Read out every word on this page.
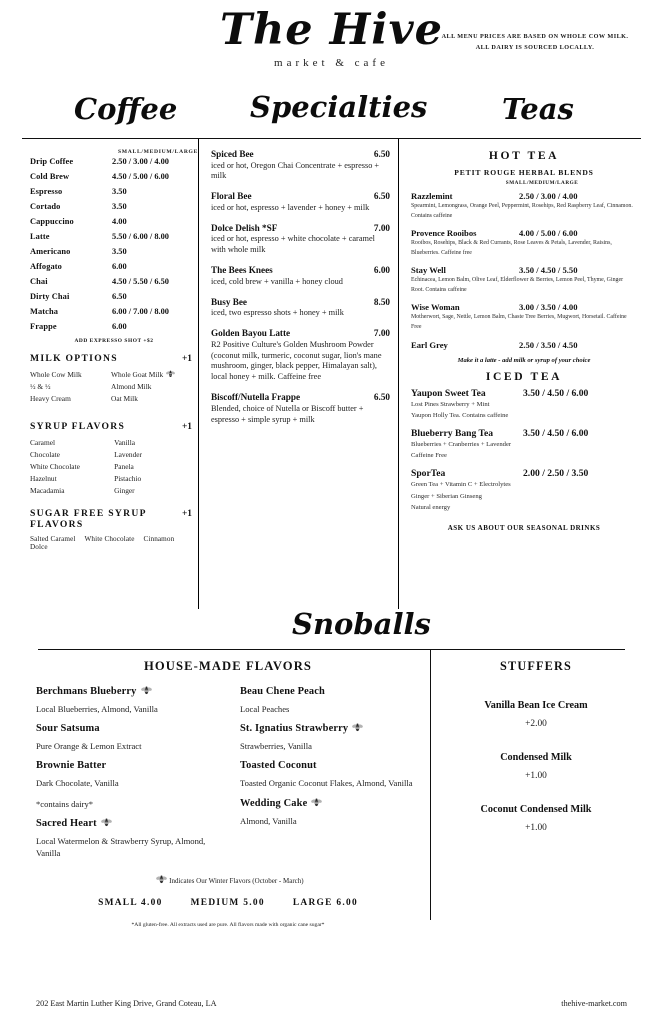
The Hive
market & cafe
ALL MENU PRICES ARE BASED ON WHOLE COW MILK. ALL DAIRY IS SOURCED LOCALLY.
Coffee	Specialties	Teas
SMALL/MEDIUM/LARGE
Drip Coffee	2.50 / 3.00 / 4.00
Cold Brew	4.50 / 5.00 / 6.00
Espresso	3.50
Cortado	3.50
Cappuccino	4.00
Latte	5.50 / 6.00 / 8.00
Americano	3.50
Affogato	6.00
Chai	4.50 / 5.50 / 6.50
Dirty Chai	6.50
Matcha	6.00 / 7.00 / 8.00
Frappe	6.00
ADD EXPRESSO SHOT +$2
MILK OPTIONS	+1
Whole Cow Milk
½ & ½
Heavy Cream
Whole Goat Milk
Almond Milk
Oat Milk
SYRUP FLAVORS	+1
Caramel
Chocolate
White Chocolate
Hazelnut
Macadamia
Vanilla
Lavender
Panela
Pistachio
Ginger
SUGAR FREE SYRUP FLAVORS
+1
Salted Caramel White Chocolate Cinnamon Dolce
Spiced Bee	6.50
iced or hot, Oregon Chai Concentrate + espresso + milk
Floral Bee	6.50
iced or hot, espresso + lavender + honey + milk
Dolce Delish *SF	7.00
iced or hot, espresso + white chocolate + caramel with whole milk
The Bees Knees	6.00
iced, cold brew + vanilla + honey cloud
Busy Bee	8.50
iced, two espresso shots + honey + milk
Golden Bayou Latte	7.00
R2 Positive Culture's Golden Mushroom Powder (coconut milk, turmeric, coconut sugar, lion's mane mushroom, ginger, black pepper, Himalayan salt), local honey + milk. Caffeine free
Biscoff/Nutella Frappe	6.50
Blended, choice of Nutella or Biscoff butter + espresso + simple syrup + milk
HOT TEA
PETIT ROUGE HERBAL BLENDS
SMALL/MEDIUM/LARGE
Razzlemint	2.50 / 3.00 / 4.00
Spearmint, Lemongrass, Orange Peel, Peppermint, Rosehips, Red Raspberry Leaf, Cinnamon. Contains caffeine
Provence Rooibos	4.00 / 5.00 / 6.00
Rooibos, Rosehips, Black & Red Currants, Rose Leaves & Petals, Lavender, Raisins, Blueberries. Caffeine free
Stay Well	3.50 / 4.50 / 5.50
Echinacea, Lemon Balm, Olive Leaf, Elderflower & Berries, Lemon Peel, Thyme, Ginger Root. Contains caffeine
Wise Woman	3.00 / 3.50 / 4.00
Motherwort, Sage, Nettle, Lemon Balm, Chaste Tree Berries, Mugwort, Horsetail. Caffeine Free
Earl Grey	2.50 / 3.50 / 4.50
Make it a latte - add milk or syrup of your choice
ICED TEA
Yaupon Sweet Tea	3.50 / 4.50 / 6.00
Lost Pines Strawberry + Mint
Yaupon Holly Tea. Contains caffeine
Blueberry Bang Tea	3.50 / 4.50 / 6.00
Blueberries + Cranberries + Lavender
Caffeine Free
SporTea	2.00 / 2.50 / 3.50
Green Tea + Vitamin C + Electrolytes
Ginger + Siberian Ginseng
Natural energy
ASK US ABOUT OUR SEASONAL DRINKS
Snoballs
HOUSE-MADE FLAVORS
Berchmans Blueberry
Local Blueberries, Almond, Vanilla
Sour Satsuma
Pure Orange & Lemon Extract
Brownie Batter
Dark Chocolate, Vanilla
*contains dairy*
Sacred Heart
Local Watermelon & Strawberry Syrup, Almond, Vanilla
Beau Chene Peach
Local Peaches
St. Ignatius Strawberry
Strawberries, Vanilla
Toasted Coconut
Toasted Organic Coconut Flakes, Almond, Vanilla
Wedding Cake
Almond, Vanilla
Indicates Our Winter Flavors (October - March)
SMALL 4.00	MEDIUM 5.00	LARGE 6.00
*All gluten-free. All extracts used are pure. All flavors made with organic cane sugar*
STUFFERS
Vanilla Bean Ice Cream
+2.00
Condensed Milk
+1.00
Coconut Condensed Milk
+1.00
202 East Martin Luther King Drive, Grand Coteau, LA	thehive-market.com
